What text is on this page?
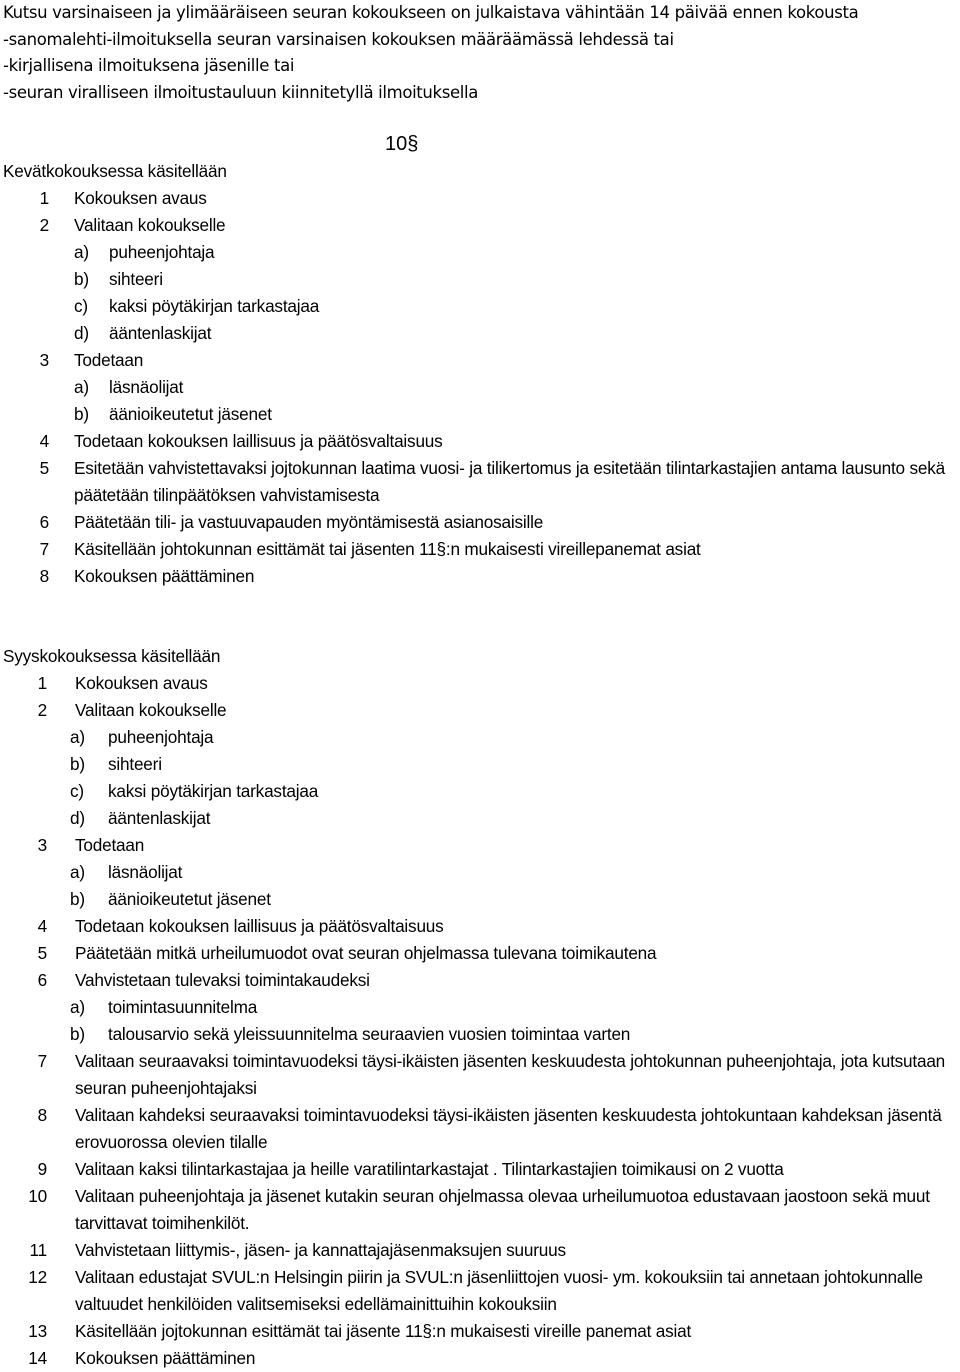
Kutsu varsinaiseen ja ylimääräiseen seuran kokoukseen on julkaistava vähintään 14 päivää ennen kokousta
-sanomalehti-ilmoituksella seuran varsinaisen kokouksen määräämässä lehdessä tai
-kirjallisena ilmoituksena jäsenille tai
-seuran viralliseen ilmoitustauluun kiinnitetyllä ilmoituksella
10§
Kevätkokouksessa käsitellään
1	Kokouksen avaus
2	Valitaan kokoukselle
a)	puheenjohtaja
b)	sihteeri
c)	kaksi pöytäkirjan tarkastajaa
d)	ääntenlaskijat
3	Todetaan
a)	läsnäolijat
b)	äänioikeutetut jäsenet
4	Todetaan kokouksen laillisuus ja päätösvaltaisuus
5	Esitetään vahvistettavaksi jojtokunnan laatima vuosi- ja tilikertomus ja esitetään tilintarkastajien antama lausunto sekä päätetään tilinpäätöksen vahvistamisesta
6	Päätetään tili- ja vastuuvapauden myöntämisestä asianosaisille
7	Käsitellään johtokunnan esittämät tai jäsenten 11§:n mukaisesti vireillepanemat asiat
8	Kokouksen päättäminen
Syyskokouksessa käsitellään
1	Kokouksen avaus
2	Valitaan kokoukselle
a)	puheenjohtaja
b)	sihteeri
c)	kaksi pöytäkirjan tarkastajaa
d)	ääntenlaskijat
3	Todetaan
a)	läsnäolijat
b)	äänioikeutetut jäsenet
4	Todetaan kokouksen laillisuus ja päätösvaltaisuus
5	Päätetään mitkä urheilumuodot ovat seuran ohjelmassa tulevana toimikautena
6	Vahvistetaan tulevaksi toimintakaudeksi
a)	toimintasuunnitelma
b)	talousarvio sekä yleissuunnitelma seuraavien vuosien toimintaa varten
7	Valitaan seuraavaksi toimintavuodeksi täysi-ikäisten jäsenten keskuudesta johtokunnan puheenjohtaja, jota kutsutaan seuran puheenjohtajaksi
8	Valitaan kahdeksi seuraavaksi toimintavuodeksi täysi-ikäisten jäsenten keskuudesta johtokuntaan kahdeksan jäsentä erovuorossa olevien tilalle
9	Valitaan kaksi tilintarkastajaa ja heille varatilintarkastajat . Tilintarkastajien toimikausi on 2 vuotta
10	Valitaan puheenjohtaja ja jäsenet kutakin seuran ohjelmassa olevaa urheilumuotoa edustavaan jaostoon sekä muut tarvittavat toimihenkilöt.
11	Vahvistetaan liittymis-, jäsen- ja kannattajajäsenmaksujen suuruus
12	Valitaan edustajat SVUL:n Helsingin piirin ja SVUL:n jäsenliittojen vuosi- ym. kokouksiin tai annetaan johtokunnalle valtuudet henkilöiden valitsemiseksi edellämainittuihin kokouksiin
13	Käsitellään jojtokunnan esittämät tai jäsente 11§:n mukaisesti vireille panemat asiat
14	Kokouksen päättäminen
